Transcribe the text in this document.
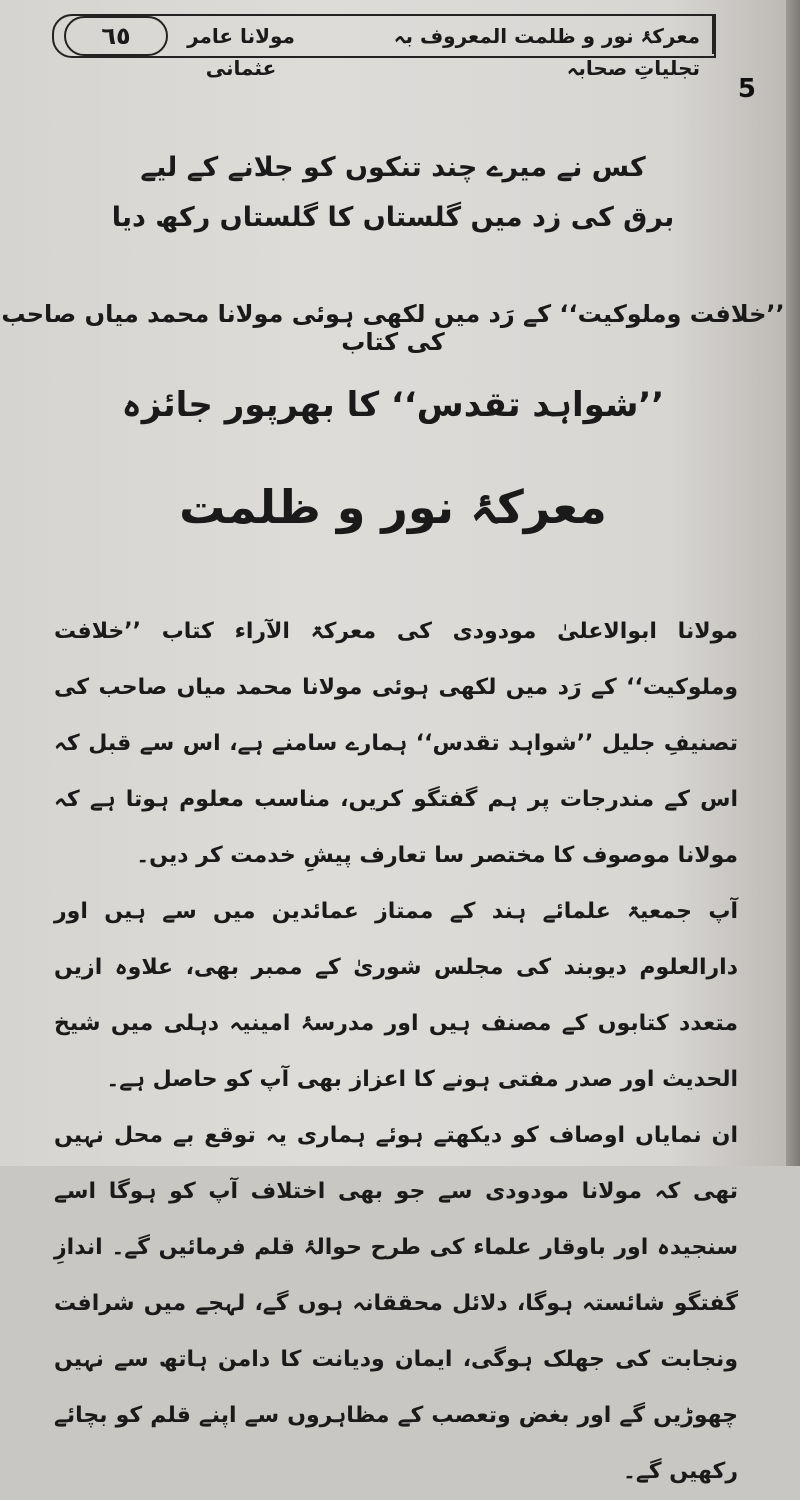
٦٥	مولانا عامر عثمانی
معرکۂ نور و ظلمت المعروف بہ تجلیاتِ صحابہ
5
کس نے میرے چند تنکوں کو جلانے کے لیے
برق کی زد میں گلستاں کا گلستاں رکھ دیا
’’خلافت وملوکیت‘‘ کے رَد میں لکھی ہوئی مولانا محمد میاں صاحب کی کتاب
’’شواہد تقدس‘‘ کا بھرپور جائزہ
معرکۂ نور و ظلمت

مولانا ابوالاعلیٰ مودودی کی معرکۃ الآراء کتاب ’’خلافت وملوکیت‘‘ کے رَد میں لکھی ہوئی مولانا محمد میاں صاحب کی تصنیفِ جلیل ’’شواہد تقدس‘‘ ہمارے سامنے ہے، اس سے قبل کہ اس کے مندرجات پر ہم گفتگو کریں، مناسب معلوم ہوتا ہے کہ مولانا موصوف کا مختصر سا تعارف پیشِ خدمت کر دیں۔

آپ جمعیۃ علمائے ہند کے ممتاز عمائدین میں سے ہیں اور دارالعلوم دیوبند کی مجلس شوریٰ کے ممبر بھی، علاوہ ازیں متعدد کتابوں کے مصنف ہیں اور مدرسۂ امینیہ دہلی میں شیخ الحدیث اور صدر مفتی ہونے کا اعزاز بھی آپ کو حاصل ہے۔

ان نمایاں اوصاف کو دیکھتے ہوئے ہماری یہ توقع بے محل نہیں تھی کہ مولانا مودودی سے جو بھی اختلاف آپ کو ہوگا اسے سنجیدہ اور باوقار علماء کی طرح حوالۂ قلم فرمائیں گے۔ اندازِ گفتگو شائستہ ہوگا، دلائل محققانہ ہوں گے، لہجے میں شرافت ونجابت کی جھلک ہوگی، ایمان ودیانت کا دامن ہاتھ سے نہیں چھوڑیں گے اور بغض وتعصب کے مظاہروں سے اپنے قلم کو بچائے رکھیں گے۔
